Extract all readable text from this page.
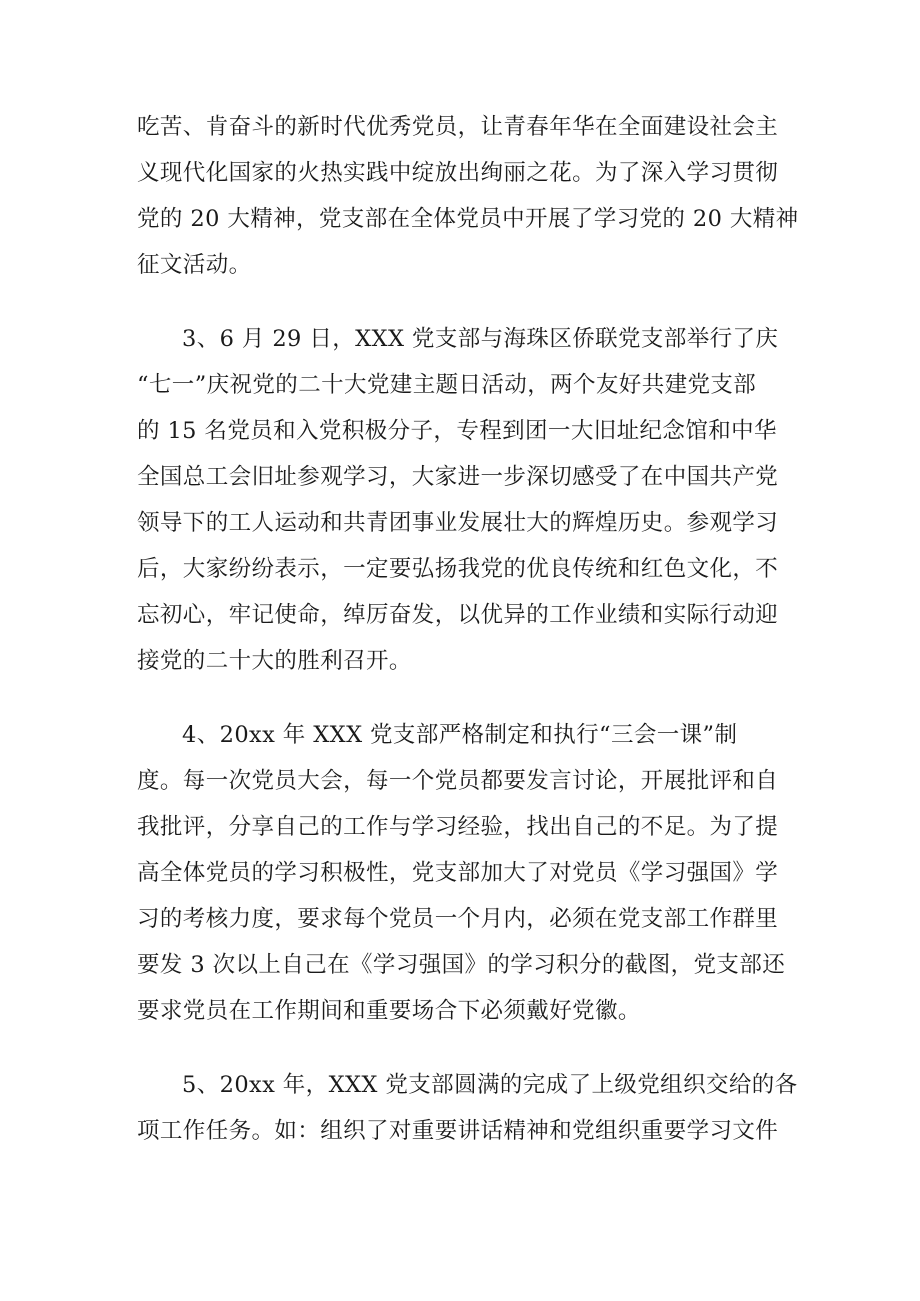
吃苦、肯奋斗的新时代优秀党员，让青春年华在全面建设社会主
义现代化国家的火热实践中绽放出绚丽之花。为了深入学习贯彻
党的 20 大精神，党支部在全体党员中开展了学习党的 20 大精神
征文活动。

3、6 月 29 日，XXX 党支部与海珠区侨联党支部举行了庆
“七一”庆祝党的二十大党建主题日活动，两个友好共建党支部
的 15 名党员和入党积极分子，专程到团一大旧址纪念馆和中华
全国总工会旧址参观学习，大家进一步深切感受了在中国共产党
领导下的工人运动和共青团事业发展壮大的辉煌历史。参观学习
后，大家纷纷表示，一定要弘扬我党的优良传统和红色文化，不
忘初心，牢记使命，绰厉奋发，以优异的工作业绩和实际行动迎
接党的二十大的胜利召开。

4、20xx 年 XXX 党支部严格制定和执行“三会一课”制
度。每一次党员大会，每一个党员都要发言讨论，开展批评和自
我批评，分享自己的工作与学习经验，找出自己的不足。为了提
高全体党员的学习积极性，党支部加大了对党员《学习强国》学
习的考核力度，要求每个党员一个月内，必须在党支部工作群里
要发 3 次以上自己在《学习强国》的学习积分的截图，党支部还
要求党员在工作期间和重要场合下必须戴好党徽。

5、20xx 年，XXX 党支部圆满的完成了上级党组织交给的各
项工作任务。如：组织了对重要讲话精神和党组织重要学习文件
